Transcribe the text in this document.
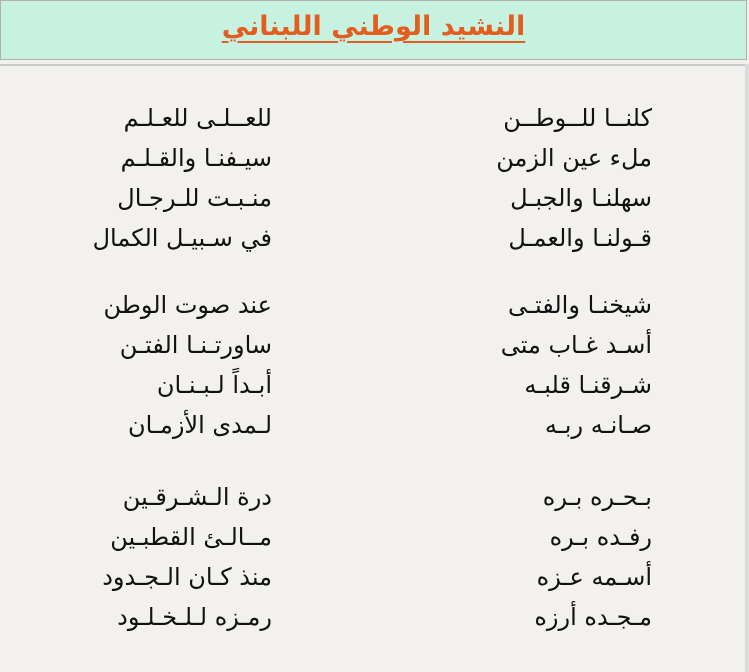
النشيد الوطني اللبناني
كلنــا للــوطــن
ملء عين الزمن
سهلنـا والجبـل
قـولنـا والعمـل
للعــلـى للعـلـم
سيـفنـا والقـلـم
منـبـت للـرجـال
في سـبيـل الكمال
شيخنـا والفتـى
أسـد غـاب متى
شـرقنـا قلبـه
صـانـه ربـه
عند صوت الوطن
ساورتـنـا الفتـن
أبـداً لـبـنـان
لـمدى الأزمـان
بـحـره بـره
رفـده بـره
أسـمه عـزه
مـجـده أرزه
درة الـشـرقـين
مــالـئ القطبـين
منذ كـان الـجـدود
رمـزه لـلـخـلـود
